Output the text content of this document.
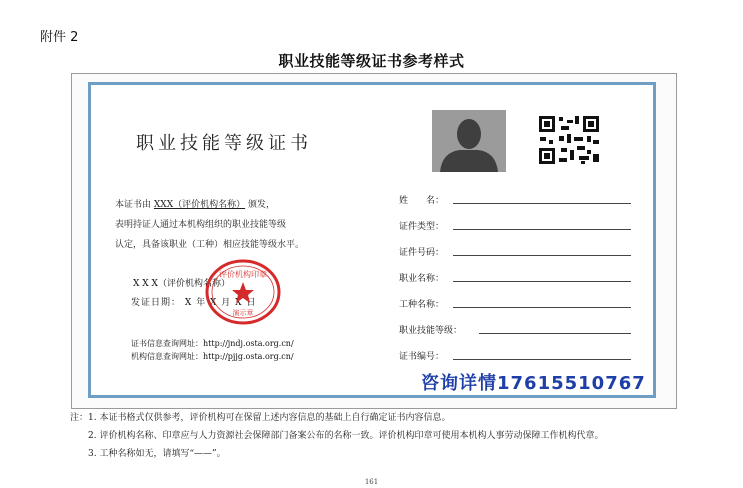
附件 2
职业技能等级证书参考样式
职业技能等级证书

本证书由 XXX（评价机构名称） 颁发，

表明持证人通过本机构组织的职业技能等级

认定，具备该职业（工种）相应技能等级水平。

X X X（评价机构名称）
发证日期： X 年 X 月 X 日
评价机构印章
演示章

证书信息查询网址：http://jndj.osta.org.cn/

机构信息查询网址：http://pjjg.osta.org.cn/

姓　　名：
证件类型：
证件号码：
职业名称：
工种名称：
职业技能等级：
证书编号：
咨询详情17615510767

注：1. 本证书格式仅供参考，评价机构可在保留上述内容信息的基础上自行确定证书内容信息。

2. 评价机构名称、印章应与人力资源社会保障部门备案公布的名称一致。评价机构印章可使用本机构人事劳动保障工作机构代章。

3. 工种名称如无，请填写“——”。

161
